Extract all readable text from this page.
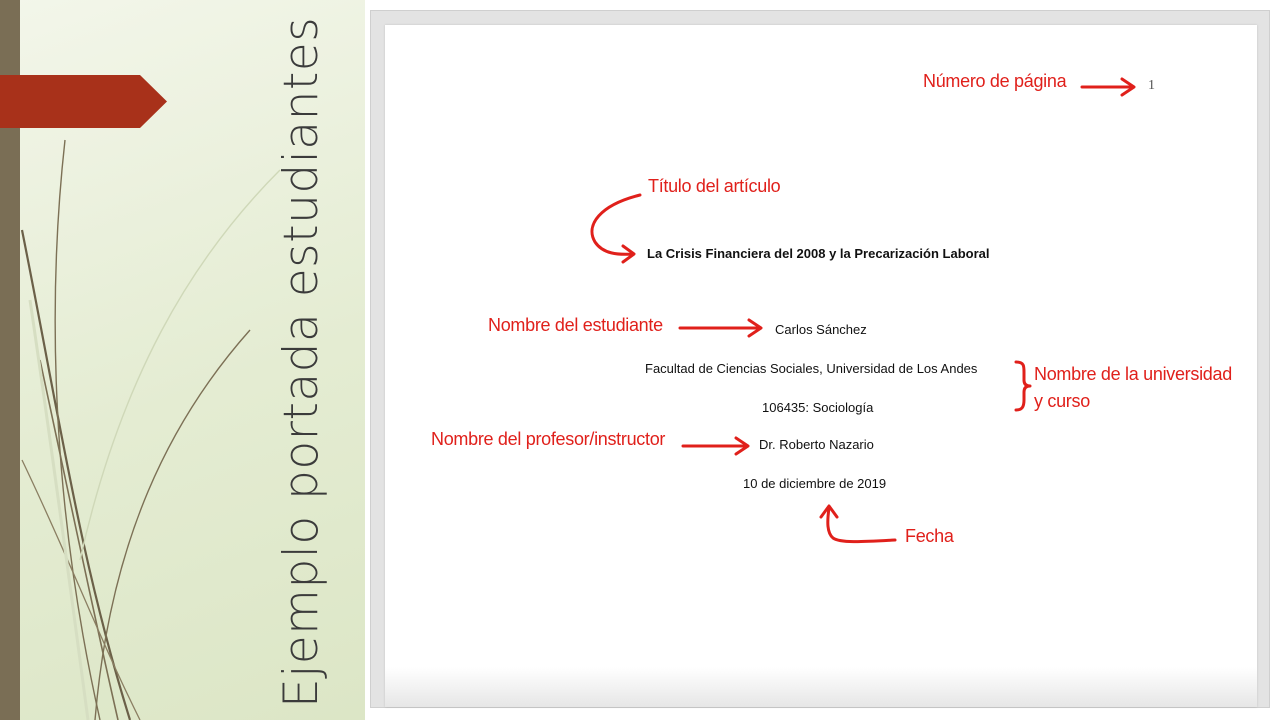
Ejemplo portada estudiantes	1
La Crisis Financiera del 2008 y la Precarización Laboral
Carlos Sánchez
Facultad de Ciencias Sociales, Universidad de Los Andes
106435: Sociología
Dr. Roberto Nazario
10 de diciembre de 2019
Número de página
Título del artículo
Nombre del estudiante
Nombre de la universidad
y curso
Nombre del profesor/instructor
Fecha
